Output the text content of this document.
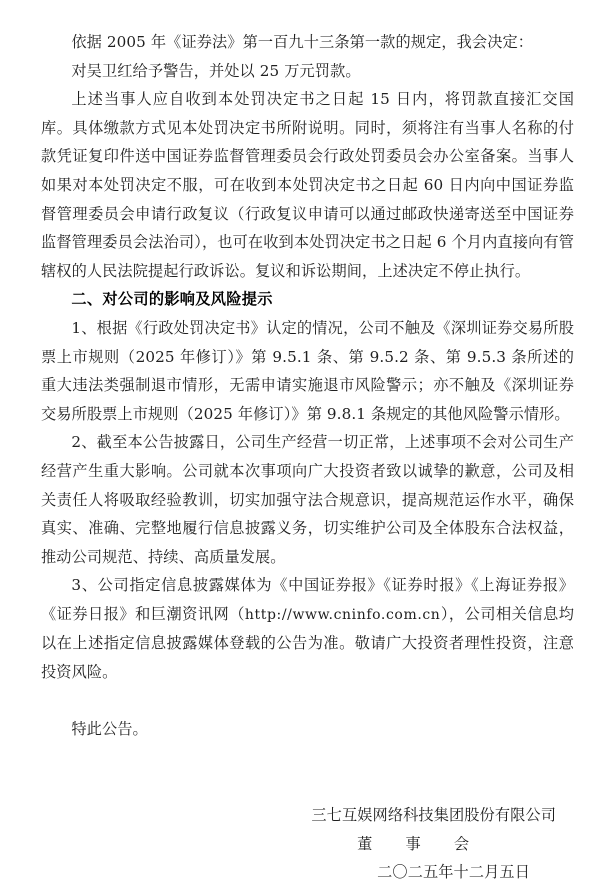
依据 2005 年《证券法》第一百九十三条第一款的规定，我会决定：

对吴卫红给予警告，并处以 25 万元罚款。

上述当事人应自收到本处罚决定书之日起 15 日内，将罚款直接汇交国库。具体缴款方式见本处罚决定书所附说明。同时，须将注有当事人名称的付款凭证复印件送中国证券监督管理委员会行政处罚委员会办公室备案。当事人如果对本处罚决定不服，可在收到本处罚决定书之日起 60 日内向中国证券监督管理委员会申请行政复议（行政复议申请可以通过邮政快递寄送至中国证券监督管理委员会法治司），也可在收到本处罚决定书之日起 6 个月内直接向有管辖权的人民法院提起行政诉讼。复议和诉讼期间，上述决定不停止执行。

二、对公司的影响及风险提示

1、根据《行政处罚决定书》认定的情况，公司不触及《深圳证券交易所股票上市规则（2025 年修订）》第 9.5.1 条、第 9.5.2 条、第 9.5.3 条所述的重大违法类强制退市情形，无需申请实施退市风险警示；亦不触及《深圳证券交易所股票上市规则（2025 年修订）》第 9.8.1 条规定的其他风险警示情形。

2、截至本公告披露日，公司生产经营一切正常，上述事项不会对公司生产经营产生重大影响。公司就本次事项向广大投资者致以诚挚的歉意，公司及相关责任人将吸取经验教训，切实加强守法合规意识，提高规范运作水平，确保真实、准确、完整地履行信息披露义务，切实维护公司及全体股东合法权益，推动公司规范、持续、高质量发展。

3、公司指定信息披露媒体为《中国证券报》《证券时报》《上海证券报》《证券日报》和巨潮资讯网（http://www.cninfo.com.cn），公司相关信息均以在上述指定信息披露媒体登载的公告为准。敬请广大投资者理性投资，注意投资风险。

特此公告。

三七互娱网络科技集团股份有限公司

董　事　会

二〇二五年十二月五日
